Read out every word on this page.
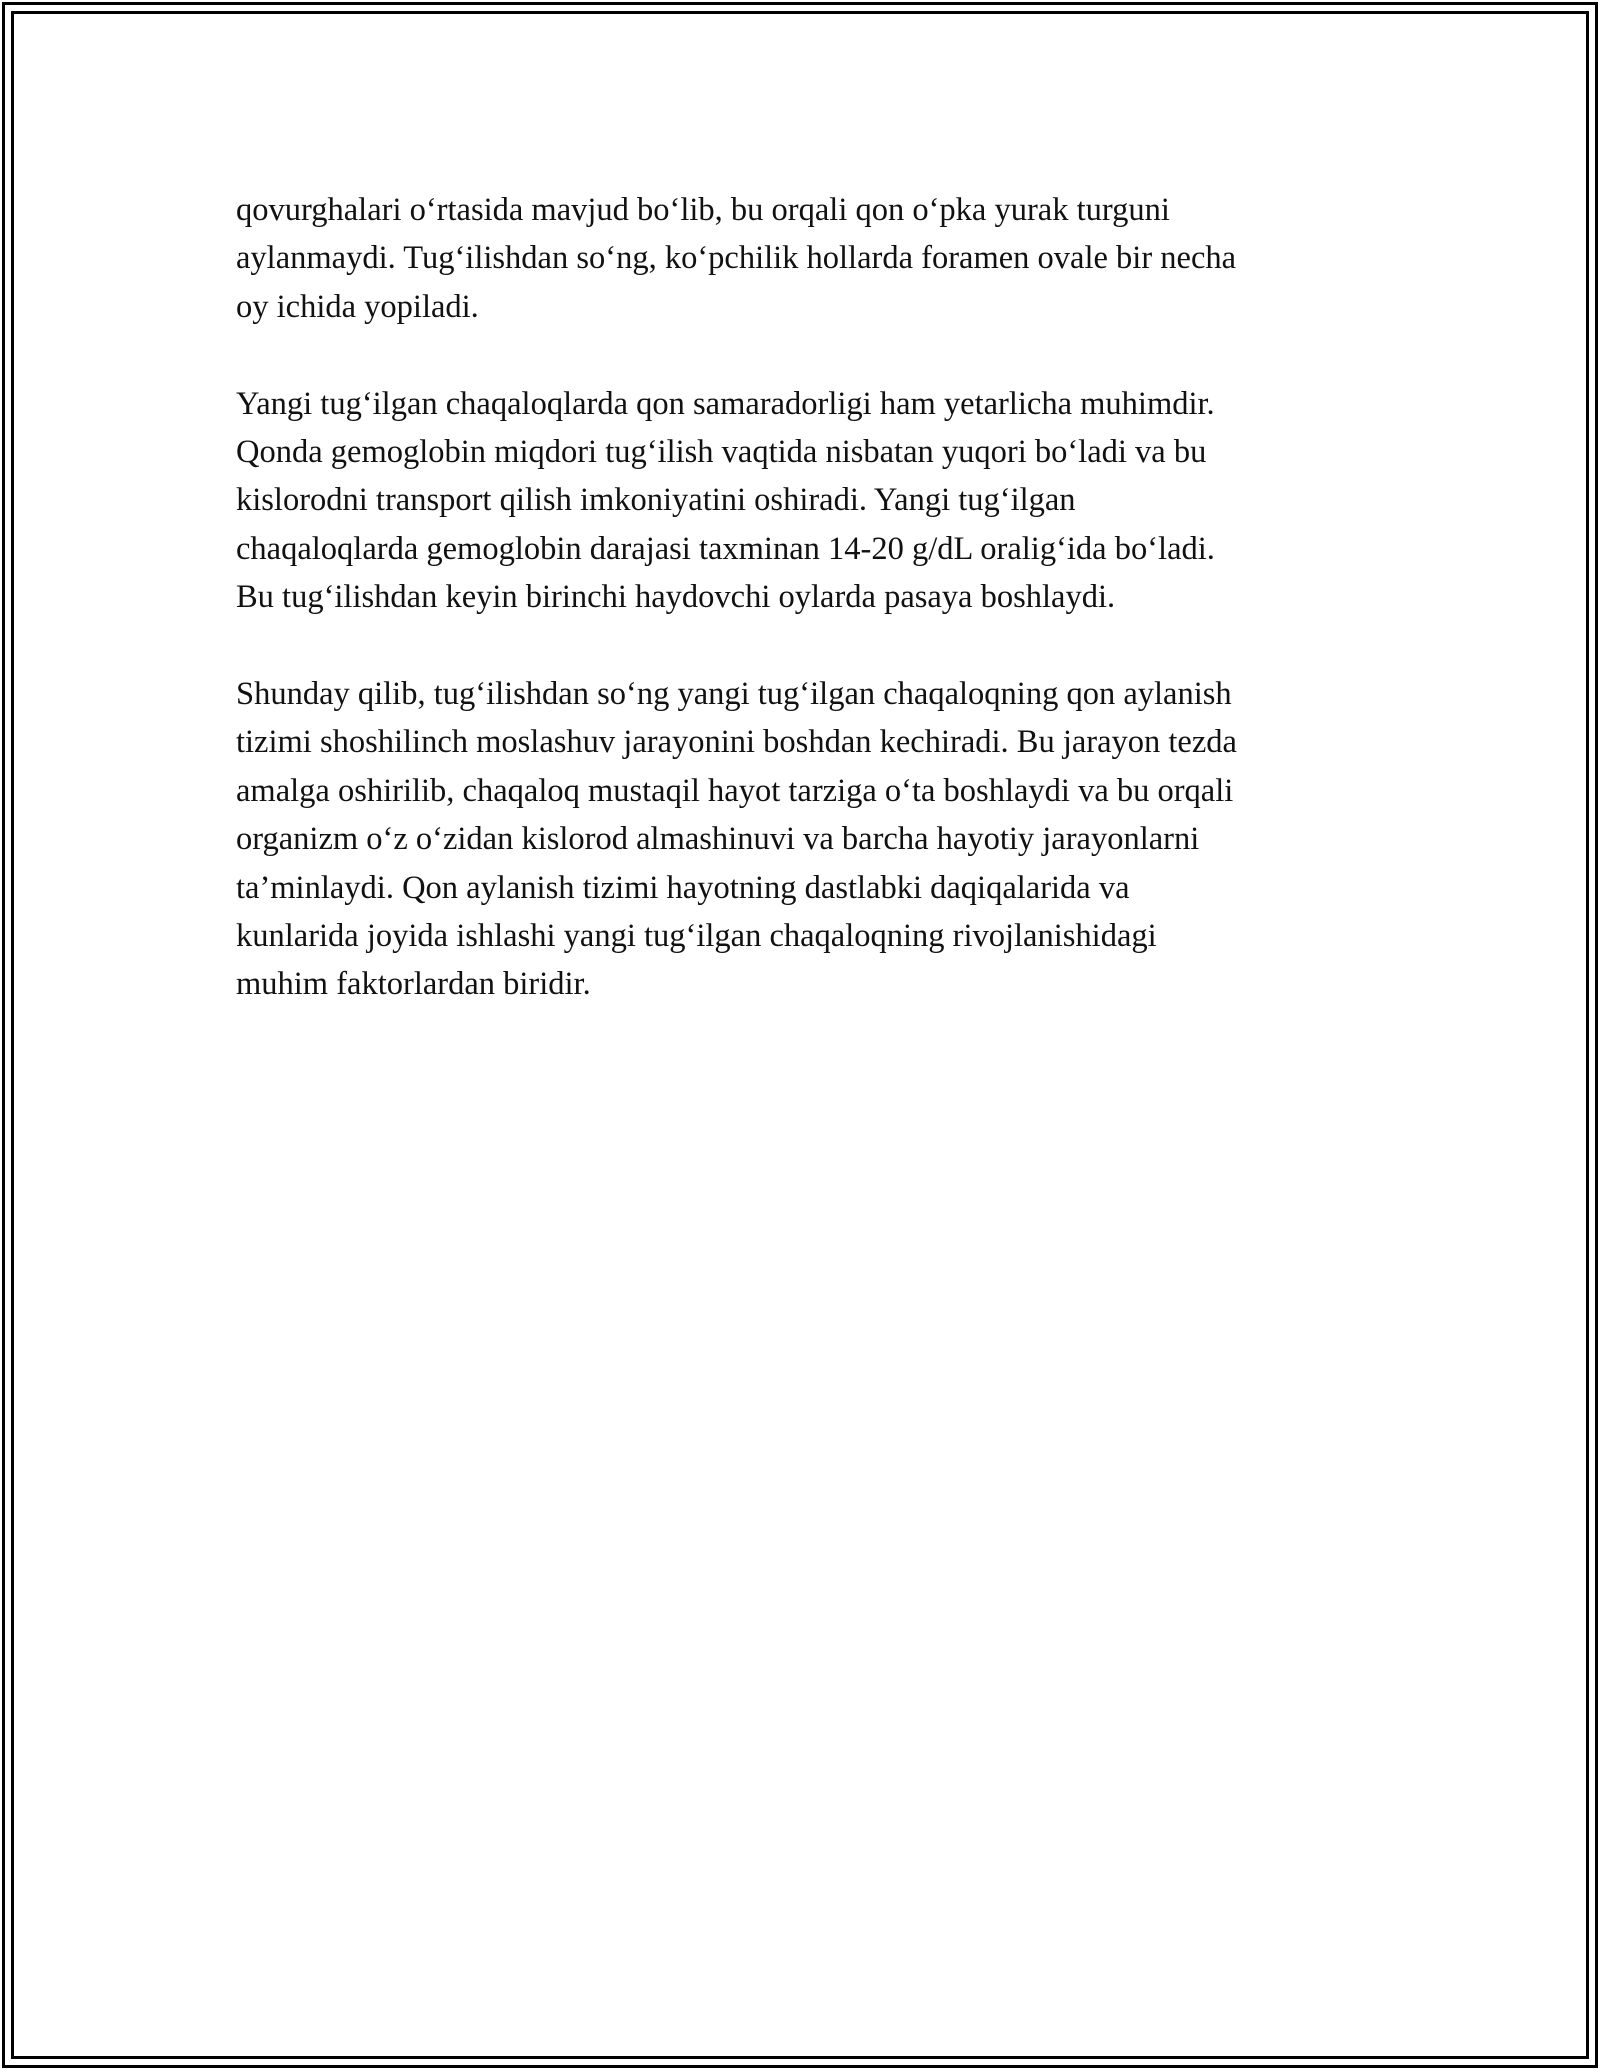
qovurghalari o‘rtasida mavjud bo‘lib, bu orqali qon o‘pka yurak turguni
aylanmaydi. Tug‘ilishdan so‘ng, ko‘pchilik hollarda foramen ovale bir necha
oy ichida yopiladi.

Yangi tug‘ilgan chaqaloqlarda qon samaradorligi ham yetarlicha muhimdir.
Qonda gemoglobin miqdori tug‘ilish vaqtida nisbatan yuqori bo‘ladi va bu
kislorodni transport qilish imkoniyatini oshiradi. Yangi tug‘ilgan
chaqaloqlarda gemoglobin darajasi taxminan 14-20 g/dL oralig‘ida bo‘ladi.
Bu tug‘ilishdan keyin birinchi haydovchi oylarda pasaya boshlaydi.

Shunday qilib, tug‘ilishdan so‘ng yangi tug‘ilgan chaqaloqning qon aylanish
tizimi shoshilinch moslashuv jarayonini boshdan kechiradi. Bu jarayon tezda
amalga oshirilib, chaqaloq mustaqil hayot tarziga o‘ta boshlaydi va bu orqali
organizm o‘z o‘zidan kislorod almashinuvi va barcha hayotiy jarayonlarni
ta’minlaydi. Qon aylanish tizimi hayotning dastlabki daqiqalarida va
kunlarida joyida ishlashi yangi tug‘ilgan chaqaloqning rivojlanishidagi
muhim faktorlardan biridir.
